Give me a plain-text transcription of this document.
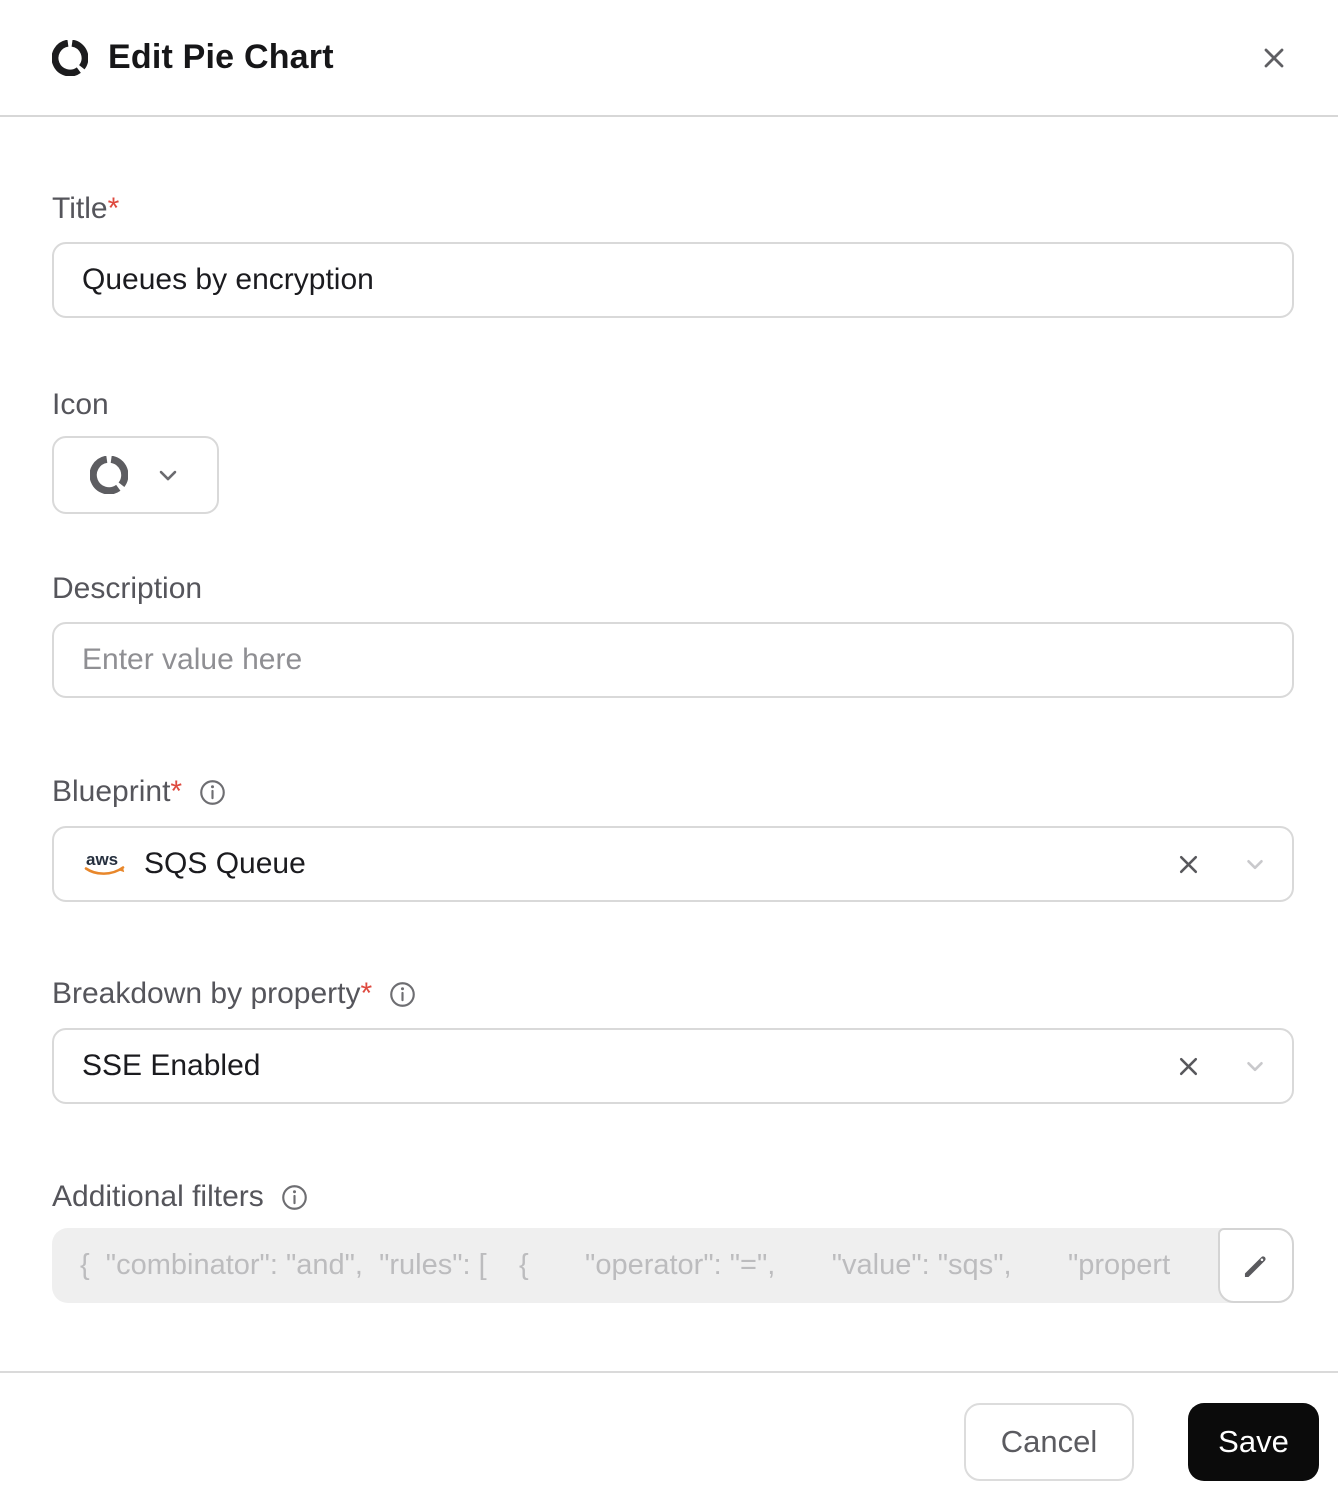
Edit Pie Chart
Title*
Queues by encryption
Icon
Description
Enter value here
Blueprint*
aws SQS Queue
Breakdown by property*
SSE Enabled
Additional filters
{  "combinator": "and",  "rules": [    {       "operator": "=",       "value": "sqs",       "propert
Cancel	Save
